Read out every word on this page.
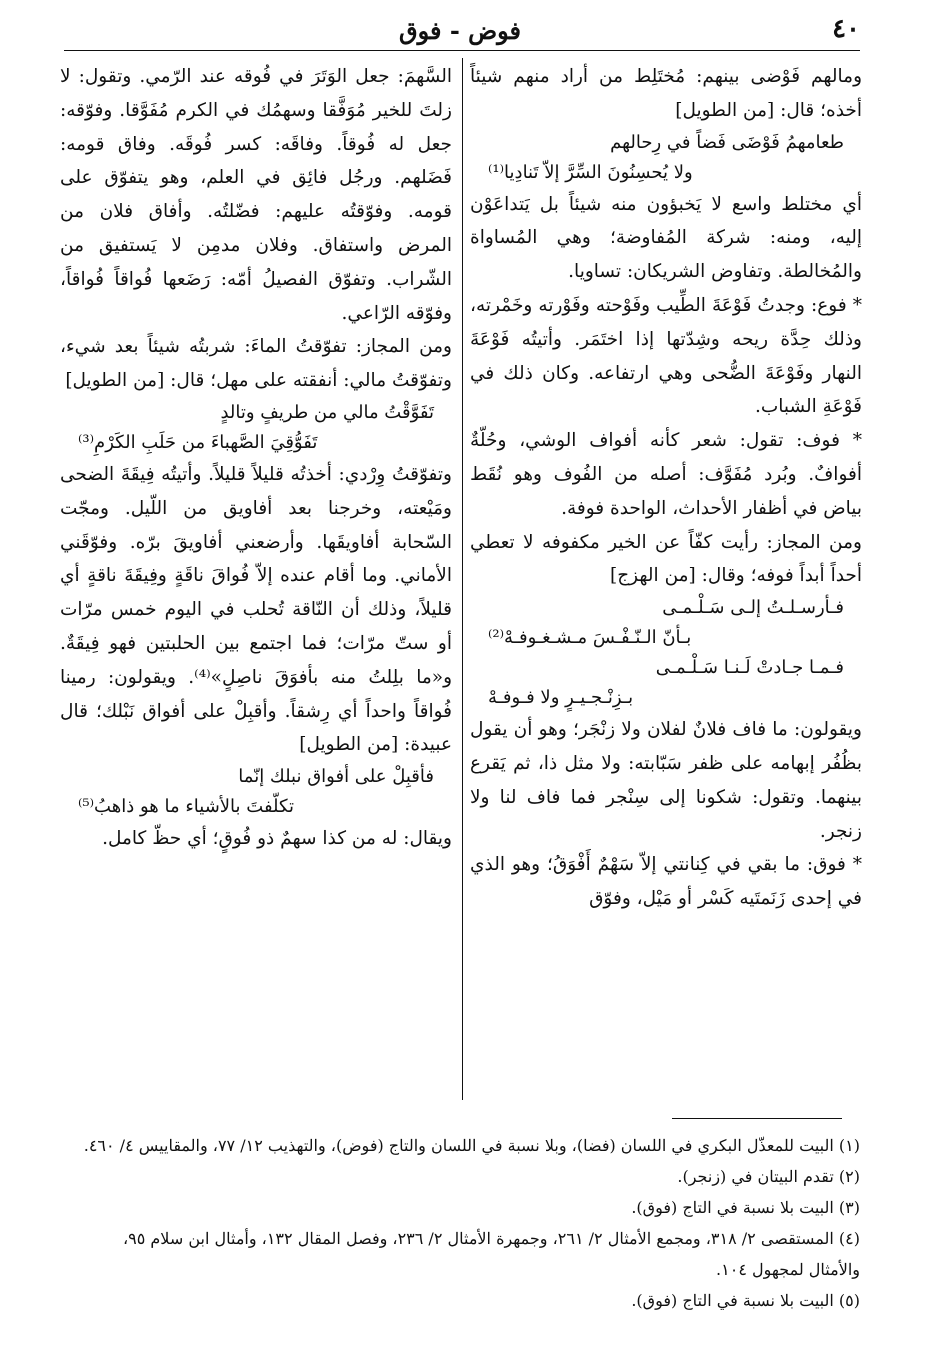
٤٠
فوض - فوق

ومالهم فَوْضى بينهم: مُختَلِط من أراد منهم شيئاً أخذه؛ قال: [من الطويل]

طعامهمُ فَوْضَى فَضاً في رِحالهم
ولا يُحسِنُونَ السِّرَّ إلاّ تَنادِيا⁽¹⁾

أي مختلط واسع لا يَخبؤون منه شيئاً بل يَتداعَوْن إليه، ومنه: شركة المُفاوضة؛ وهي المُساواة والمُخالطة. وتفاوض الشريكان: تساويا.

* فوع: وجدتُ فَوْعَةَ الطِّيب وفَوْحته وفَوْرته وخَمْرته، وذلك حِدَّة ريحه وشِدّتها إذا اختَمَر. وأتيتُه فَوْعَةَ النهار وفَوْعَةَ الضُّحى وهي ارتفاعه. وكان ذلك في فَوْعَةِ الشباب.

* فوف: تقول: شعر كأنه أفواف الوشي، وحُلّةٌ أفوافٌ. وبُرد مُفَوَّف: أصله من الفُوف وهو نُقَط بياض في أظفار الأحداث، الواحدة فوفة.

ومن المجاز: رأيت كفّاً عن الخير مكفوفه لا تعطي أحداً أبداً فوفه؛ وقال: [من الهزج]

فـأرسـلـتُ إلـى سَـلْـمـى
بـأنّ الـنّـفْـسَ مـشـغـوفـهْ⁽²⁾
فـمـا جـادتْ لَـنـا سَـلْـمـى
بـزِنْـجـيـرٍ ولا فـوفـهْ

ويقولون: ما فاف فلانٌ لفلان ولا زنْجَر؛ وهو أن يقول بظُفُر إبهامه على ظفر سَبّابته: ولا مثل ذا، ثم يَقرع بينهما. وتقول: شكونا إلى سِنْجر فما فاف لنا ولا زنجر.

* فوق: ما بقي في كِنانتي إلاّ سَهْمٌ أَفْوَقُ؛ وهو الذي في إحدى زَنَمتَيه كَسْر أو مَيْل، وفوّق

السَّهمَ: جعل الوَتَرَ في فُوقه عند الرّمي. وتقول: لا زلتَ للخير مُوَفَّقا وسهمُك في الكرم مُفَوَّقا. وفوّقه: جعل له فُوقاً. وفاقَه: كسر فُوقَه. وفاق قومه: فَضَلهم. ورجُل فائِق في العلم، وهو يتفوّق على قومه. وفوّقتُه عليهم: فضّلتُه. وأفاق فلان من المرض واستفاق. وفلان مدمِن لا يَستفيق من الشّراب. وتفوّق الفصيلُ أمّه: رَضَعها فُواقاً فُواقاً، وفوّقه الرّاعي.

ومن المجاز: تفوّقتُ الماءَ: شربتُه شيئاً بعد شيء، وتفوّقتُ مالي: أنفقته على مهل؛ قال: [من الطويل]

تَفَوَّقْتُ مالي من طريفٍ وتالدٍ
تَفَوُّقِيَ الصَّهباءَ من حَلَبِ الكَرْمِ⁽³⁾

وتفوّقتُ وِرْدي: أخذتُه قليلاً قليلاً. وأتيتُه فِيقَةَ الضحى ومَيْعته، وخرجنا بعد أفاويق من اللّيل. ومجّت السّحابة أفاويقَها. وأرضعني أفاويقَ برّه. وفوّقَني الأماني. وما أقام عنده إلاّ فُواقَ ناقَةٍ وفِيقَةَ ناقةٍ أي قليلاً، وذلك أن النّاقة تُحلب في اليوم خمس مرّات أو ستّ مرّات؛ فما اجتمع بين الحلبتين فهو فِيقَةٌ. و«ما بلِلتُ منه بأفوَقَ ناصِلٍ»⁽⁴⁾. ويقولون: رمينا فُواقاً واحداً أي رِشقاً. وأقبِلْ على أفواق نَبْلك؛ قال عبيدة: [من الطويل]

فأقبِلْ على أفواق نبلك إنّما
تكلّفتَ بالأشياء ما هو ذاهبُ⁽⁵⁾

ويقال: له من كذا سهمٌ ذو فُوقٍ؛ أي حظّ كامل.

(١) البيت للمعذّل البكري في اللسان (فضا)، وبلا نسبة في اللسان والتاج (فوض)، والتهذيب ١٢/ ٧٧، والمقاييس ٤/ ٤٦٠.

(٢) تقدم البيتان في (زنجر).

(٣) البيت بلا نسبة في التاج (فوق).

(٤) المستقصى ٢/ ٣١٨، ومجمع الأمثال ٢/ ٢٦١، وجمهرة الأمثال ٢/ ٢٣٦، وفصل المقال ١٣٢، وأمثال ابن سلام ٩٥، والأمثال لمجهول ١٠٤.

(٥) البيت بلا نسبة في التاج (فوق).
